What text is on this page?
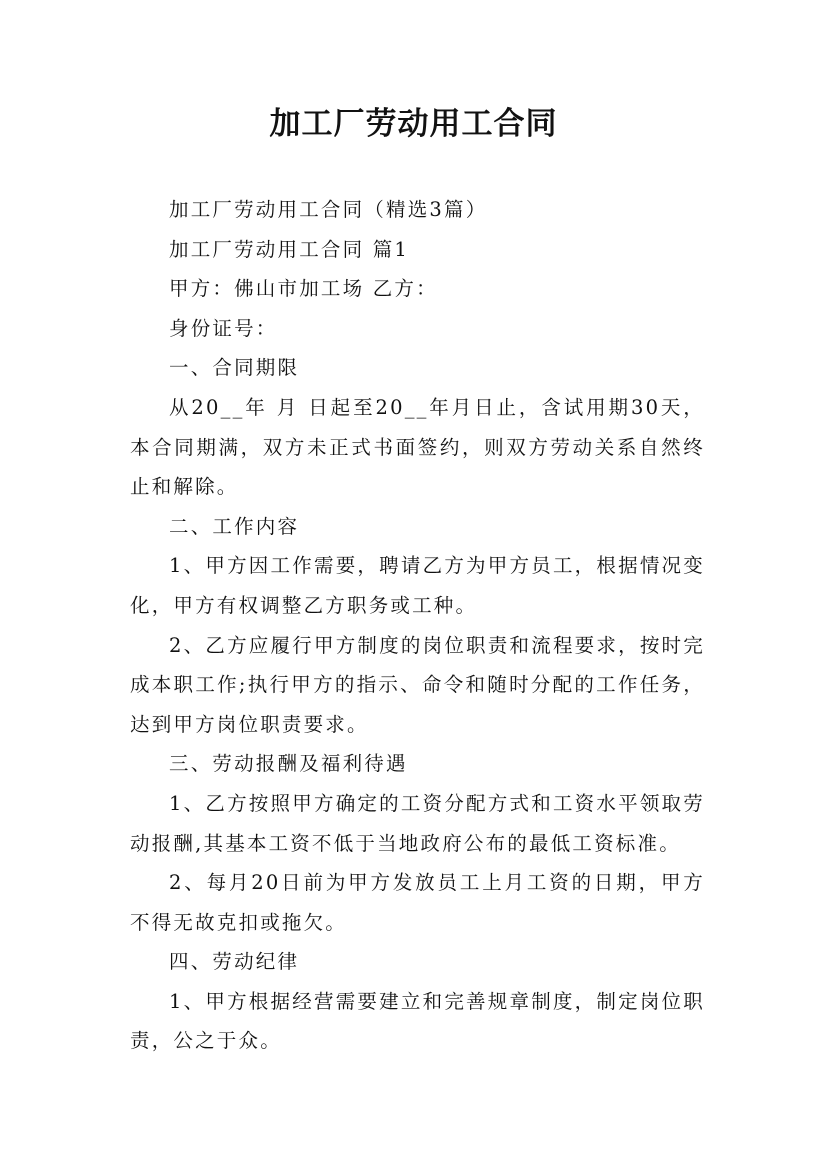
加工厂劳动用工合同

加工厂劳动用工合同（精选3篇）

加工厂劳动用工合同 篇1

甲方：佛山市加工场 乙方：

身份证号：

一、合同期限

从20__年 月 日起至20__年月日止，含试用期30天，本合同期满，双方未正式书面签约，则双方劳动关系自然终止和解除。

二、工作内容

1、甲方因工作需要，聘请乙方为甲方员工，根据情况变化，甲方有权调整乙方职务或工种。

2、乙方应履行甲方制度的岗位职责和流程要求，按时完成本职工作;执行甲方的指示、命令和随时分配的工作任务，达到甲方岗位职责要求。

三、劳动报酬及福利待遇

1、乙方按照甲方确定的工资分配方式和工资水平领取劳动报酬,其基本工资不低于当地政府公布的最低工资标准。

2、每月20日前为甲方发放员工上月工资的日期，甲方不得无故克扣或拖欠。

四、劳动纪律

1、甲方根据经营需要建立和完善规章制度，制定岗位职责，公之于众。
